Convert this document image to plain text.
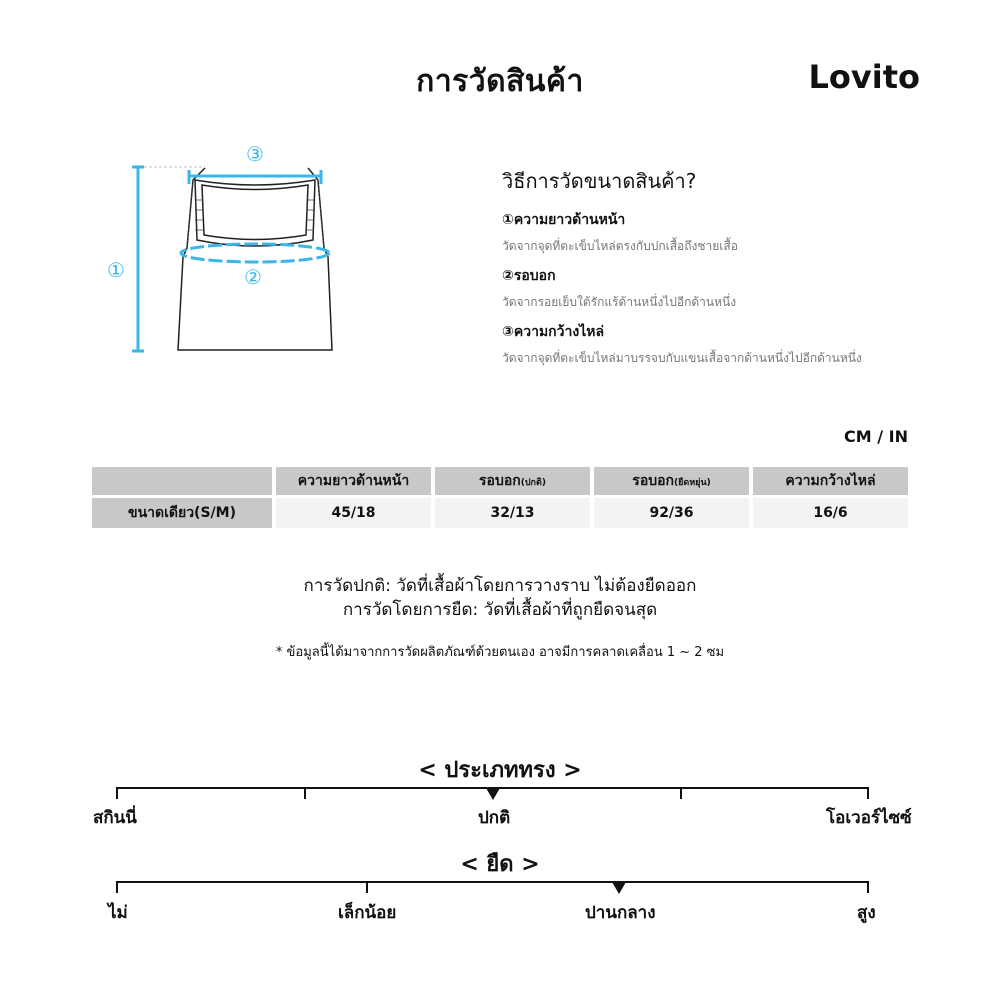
การวัดสินค้า	Lovito
①	②
③
วิธีการวัดขนาดสินค้า?
①ความยาวด้านหน้า
วัดจากจุดที่ตะเข็บไหล่ตรงกับปกเสื้อถึงชายเสื้อ
②รอบอก
วัดจากรอยเย็บใต้รักแร้ด้านหนึ่งไปอีกด้านหนึ่ง
③ความกว้างไหล่
วัดจากจุดที่ตะเข็บไหล่มาบรรจบกับแขนเสื้อจากด้านหนึ่งไปอีกด้านหนึ่ง
CM / IN
	ความยาวด้านหน้า	รอบอก(ปกติ)	รอบอก(ยืดหยุ่น)	ความกว้างไหล่
ขนาดเดียว(S/M)	45/18	32/13	92/36	16/6
การวัดปกติ: วัดที่เสื้อผ้าโดยการวางราบ ไม่ต้องยืดออก
การวัดโดยการยืด: วัดที่เสื้อผ้าที่ถูกยืดจนสุด
* ข้อมูลนี้ได้มาจากการวัดผลิตภัณฑ์ด้วยตนเอง อาจมีการคลาดเคลื่อน 1 ~ 2 ซม
< ประเภททรง >
สกินนี่	ปกติ	โอเวอร์ไซซ์
< ยืด >
ไม่	เล็กน้อย	ปานกลาง	สูง
